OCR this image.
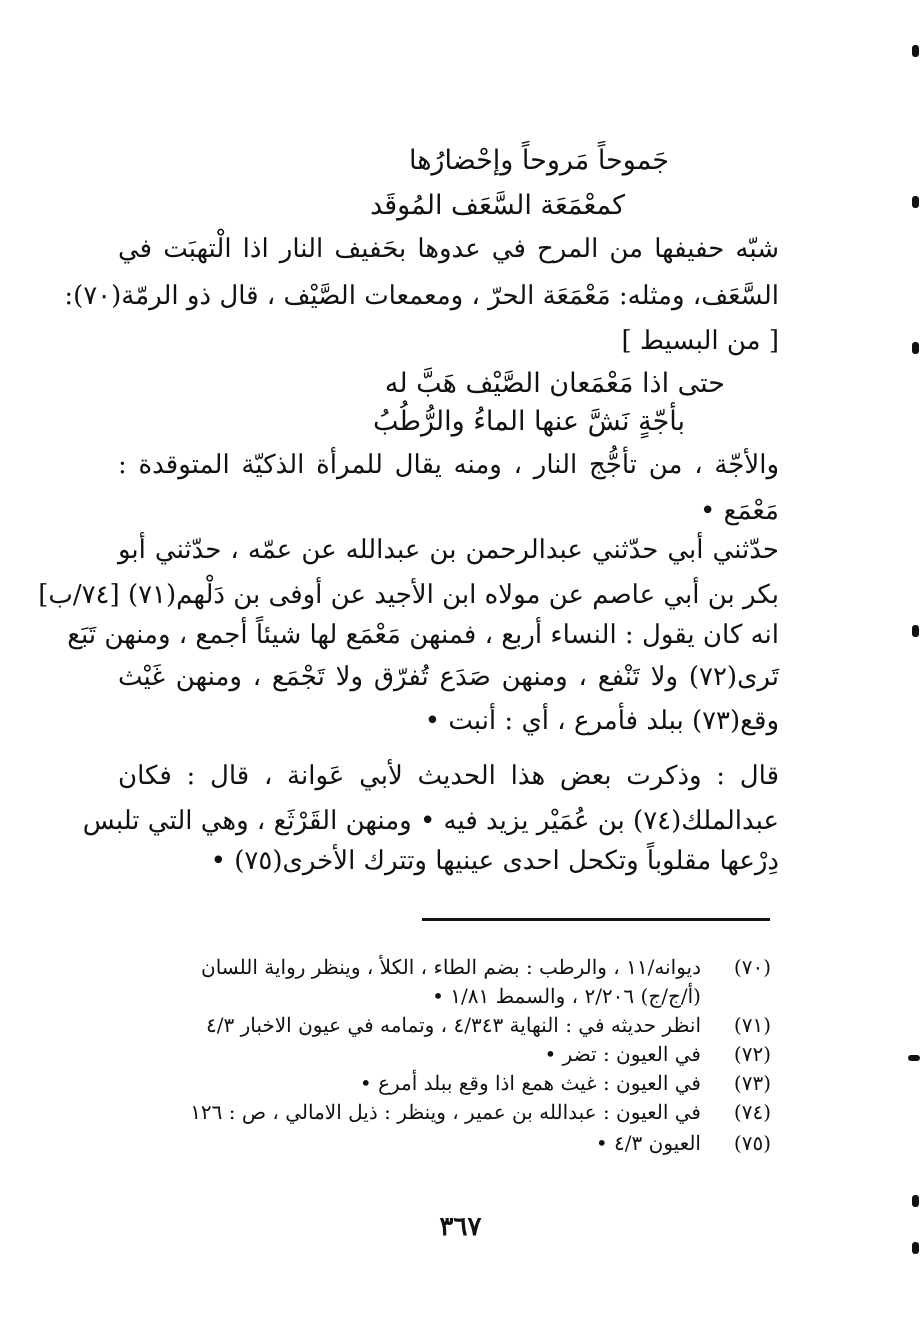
جَموحاً مَروحاً وإحْضارُها
كمعْمَعَة السَّعَف المُوقَد
شبّه حفيفها من المرح في عدوها بحَفيف النار اذا الْتهبَت في
السَّعَف، ومثله: مَعْمَعَة الحرّ ، ومعمعات الصَّيْف ، قال ذو الرمّة(٧٠):
[ من البسيط ]
حتى اذا مَعْمَعان الصَّيْف هَبَّ له
بأجّةٍ نَشَّ عنها الماءُ والرُّطُبُ
والأجّة ، من تأجُّج النار ، ومنه يقال للمرأة الذكيّة المتوقدة :
مَعْمَع •
حدّثني أبي حدّثني عبدالرحمن بن عبدالله عن عمّه ، حدّثني أبو
بكر بن أبي عاصم عن مولاه ابن الأجيد عن أوفى بن دَلْهم(٧١) [٧٤/ب]
انه كان يقول : النساء أربع ، فمنهن مَعْمَع لها شيئاً أجمع ، ومنهن تَبَع
تَرى(٧٢) ولا تَنْفع ، ومنهن صَدَع تُفرّق ولا تَجْمَع ، ومنهن غَيْث
وقع(٧٣) ببلد فأمرع ، أي : أنبت •
قال : وذكرت بعض هذا الحديث لأبي عَوانة ، قال : فكان
عبدالملك(٧٤) بن عُمَيْر يزيد فيه • ومنهن القَرْثَع ، وهي التي تلبس
دِرْعها مقلوباً وتكحل احدى عينيها وتترك الأخرى(٧٥) •
(٧٠)
ديوانه/١١ ، والرطب : بضم الطاء ، الكلأ ، وينظر رواية اللسان
(أ/ج/ج) ٢/٢٠٦ ، والسمط ١/٨١ •
(٧١)
انظر حديثه في : النهاية ٤/٣٤٣ ، وتمامه في عيون الاخبار ٤/٣
(٧٢)
في العيون : تضر •
(٧٣)
في العيون : غيث همع اذا وقع ببلد أمرع •
(٧٤)
في العيون : عبدالله بن عمير ، وينظر : ذيل الامالي ، ص : ١٢٦
(٧٥)
العيون ٤/٣ •
٣٦٧
